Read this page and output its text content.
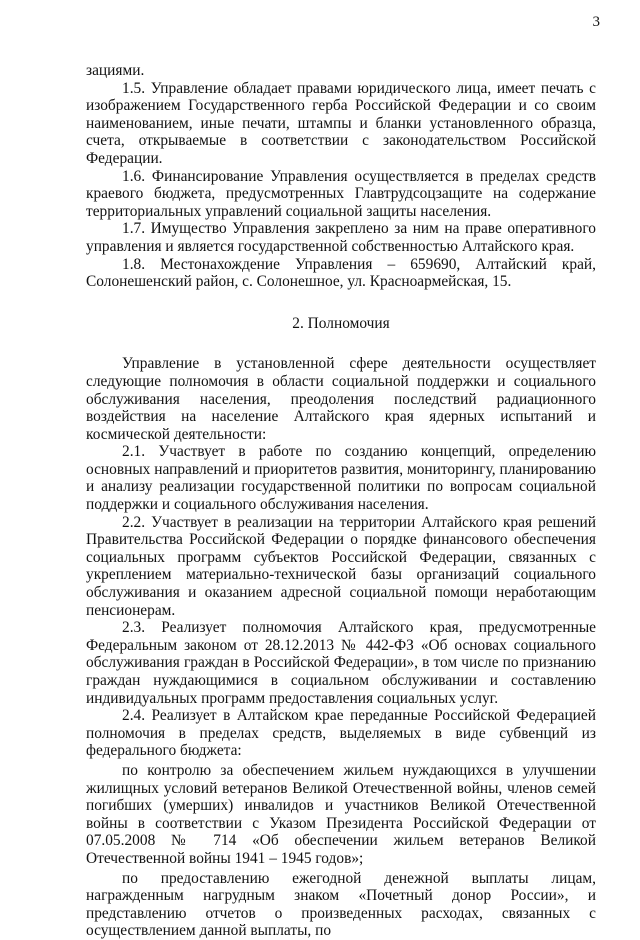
3

зациями.

1.5. Управление обладает правами юридического лица, имеет печать с изображением Государственного герба Российской Федерации и со своим наименованием, иные печати, штампы и бланки установленного образца, счета, открываемые в соответствии с законодательством Российской Федерации.

1.6. Финансирование Управления осуществляется в пределах средств краевого бюджета, предусмотренных Главтрудсоцзащите на содержание территориальных управлений социальной защиты населения.

1.7. Имущество Управления закреплено за ним на праве оперативного управления и является государственной собственностью Алтайского края.

1.8. Местонахождение Управления – 659690, Алтайский край, Солонешенский район, с. Солонешное, ул. Красноармейская, 15.

2. Полномочия

Управление в установленной сфере деятельности осуществляет следующие полномочия в области социальной поддержки и социального обслуживания населения, преодоления последствий радиационного воздействия на население Алтайского края ядерных испытаний и космической деятельности:

2.1. Участвует в работе по созданию концепций, определению основных направлений и приоритетов развития, мониторингу, планированию и анализу реализации государственной политики по вопросам социальной поддержки и социального обслуживания населения.

2.2. Участвует в реализации на территории Алтайского края решений Правительства Российской Федерации о порядке финансового обеспечения социальных программ субъектов Российской Федерации, связанных с укреплением материально-технической базы организаций социального обслуживания и оказанием адресной социальной помощи неработающим пенсионерам.

2.3. Реализует полномочия Алтайского края, предусмотренные Федеральным законом от 28.12.2013 № 442-ФЗ «Об основах социального обслуживания граждан в Российской Федерации», в том числе по признанию граждан нуждающимися в социальном обслуживании и составлению индивидуальных программ предоставления социальных услуг.

2.4. Реализует в Алтайском крае переданные Российской Федерацией полномочия в пределах средств, выделяемых в виде субвенций из федерального бюджета:

по контролю за обеспечением жильем нуждающихся в улучшении жилищных условий ветеранов Великой Отечественной войны, членов семей погибших (умерших) инвалидов и участников Великой Отечественной войны в соответствии с Указом Президента Российской Федерации от 07.05.2008 № 714 «Об обеспечении жильем ветеранов Великой Отечественной войны 1941 – 1945 годов»;

по предоставлению ежегодной денежной выплаты лицам, награжденным нагрудным знаком «Почетный донор России», и представлению отчетов о произведенных расходах, связанных с осуществлением данной выплаты, по
